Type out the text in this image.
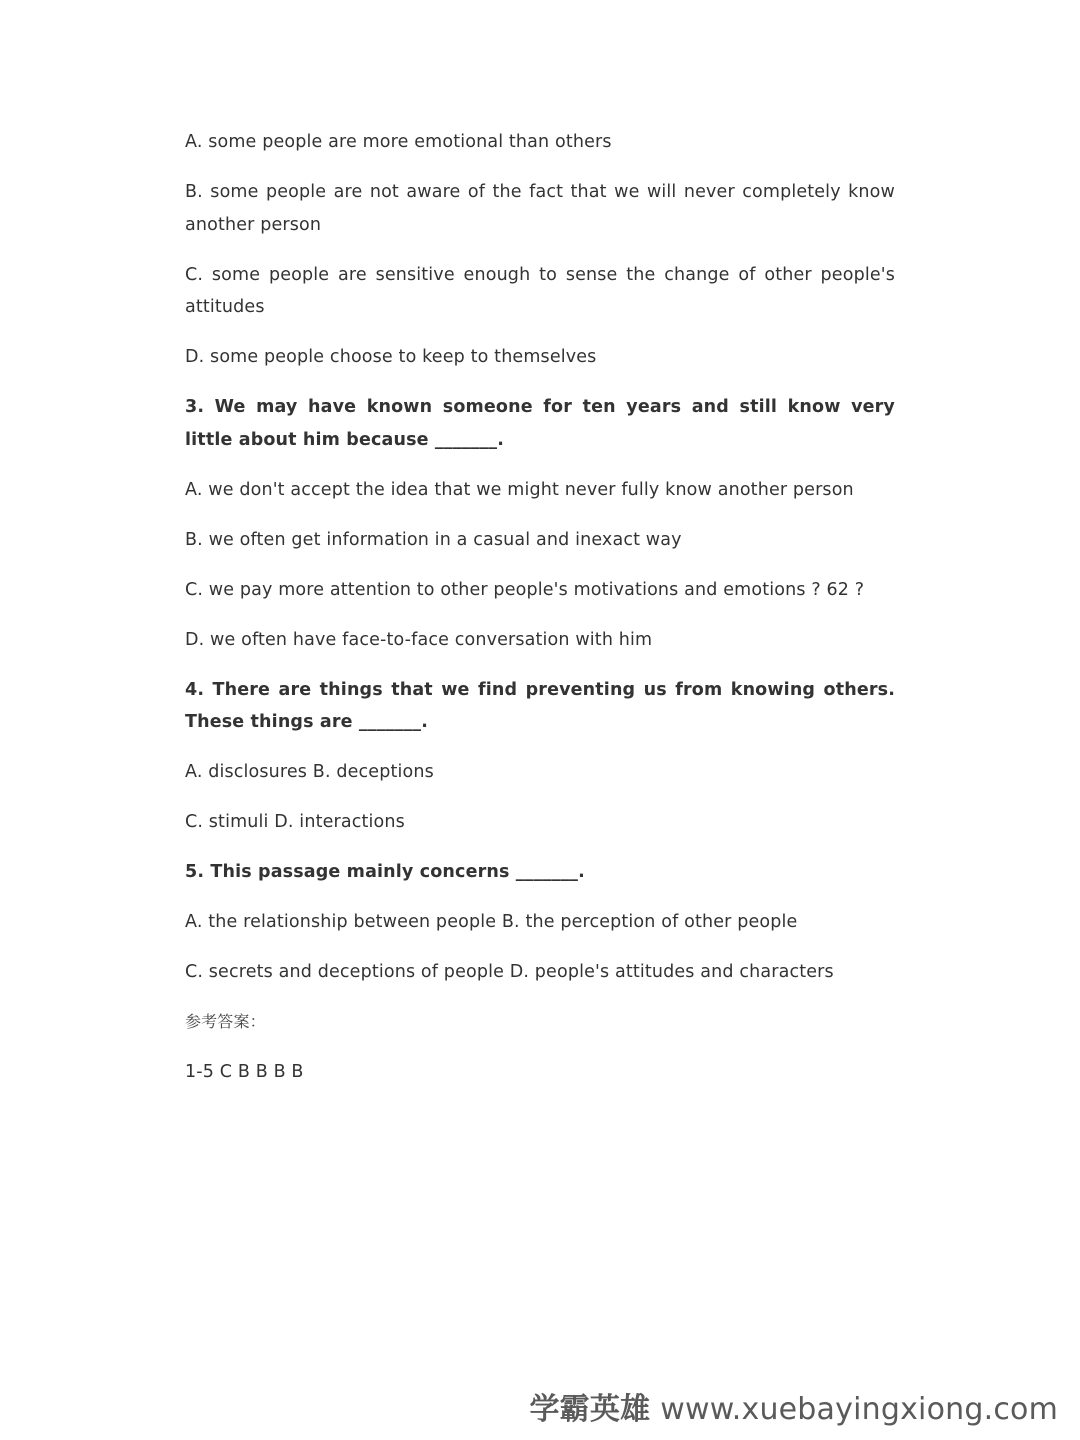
A. some people are more emotional than others

B. some people are not aware of the fact that we will never completely know another person

C. some people are sensitive enough to sense the change of other people's attitudes

D. some people choose to keep to themselves

3. We may have known someone for ten years and still know very little about him because _______.

A. we don't accept the idea that we might never fully know another person

B. we often get information in a casual and inexact way

C. we pay more attention to other people's motivations and emotions ? 62 ?

D. we often have face-to-face conversation with him

4. There are things that we find preventing us from knowing others. These things are _______.

A. disclosures B. deceptions

C. stimuli D. interactions

5. This passage mainly concerns _______.

A. the relationship between people B. the perception of other people

C. secrets and deceptions of people D. people's attitudes and characters

参考答案：

1-5 C B B B B

学霸英雄 www.xuebayingxiong.com
